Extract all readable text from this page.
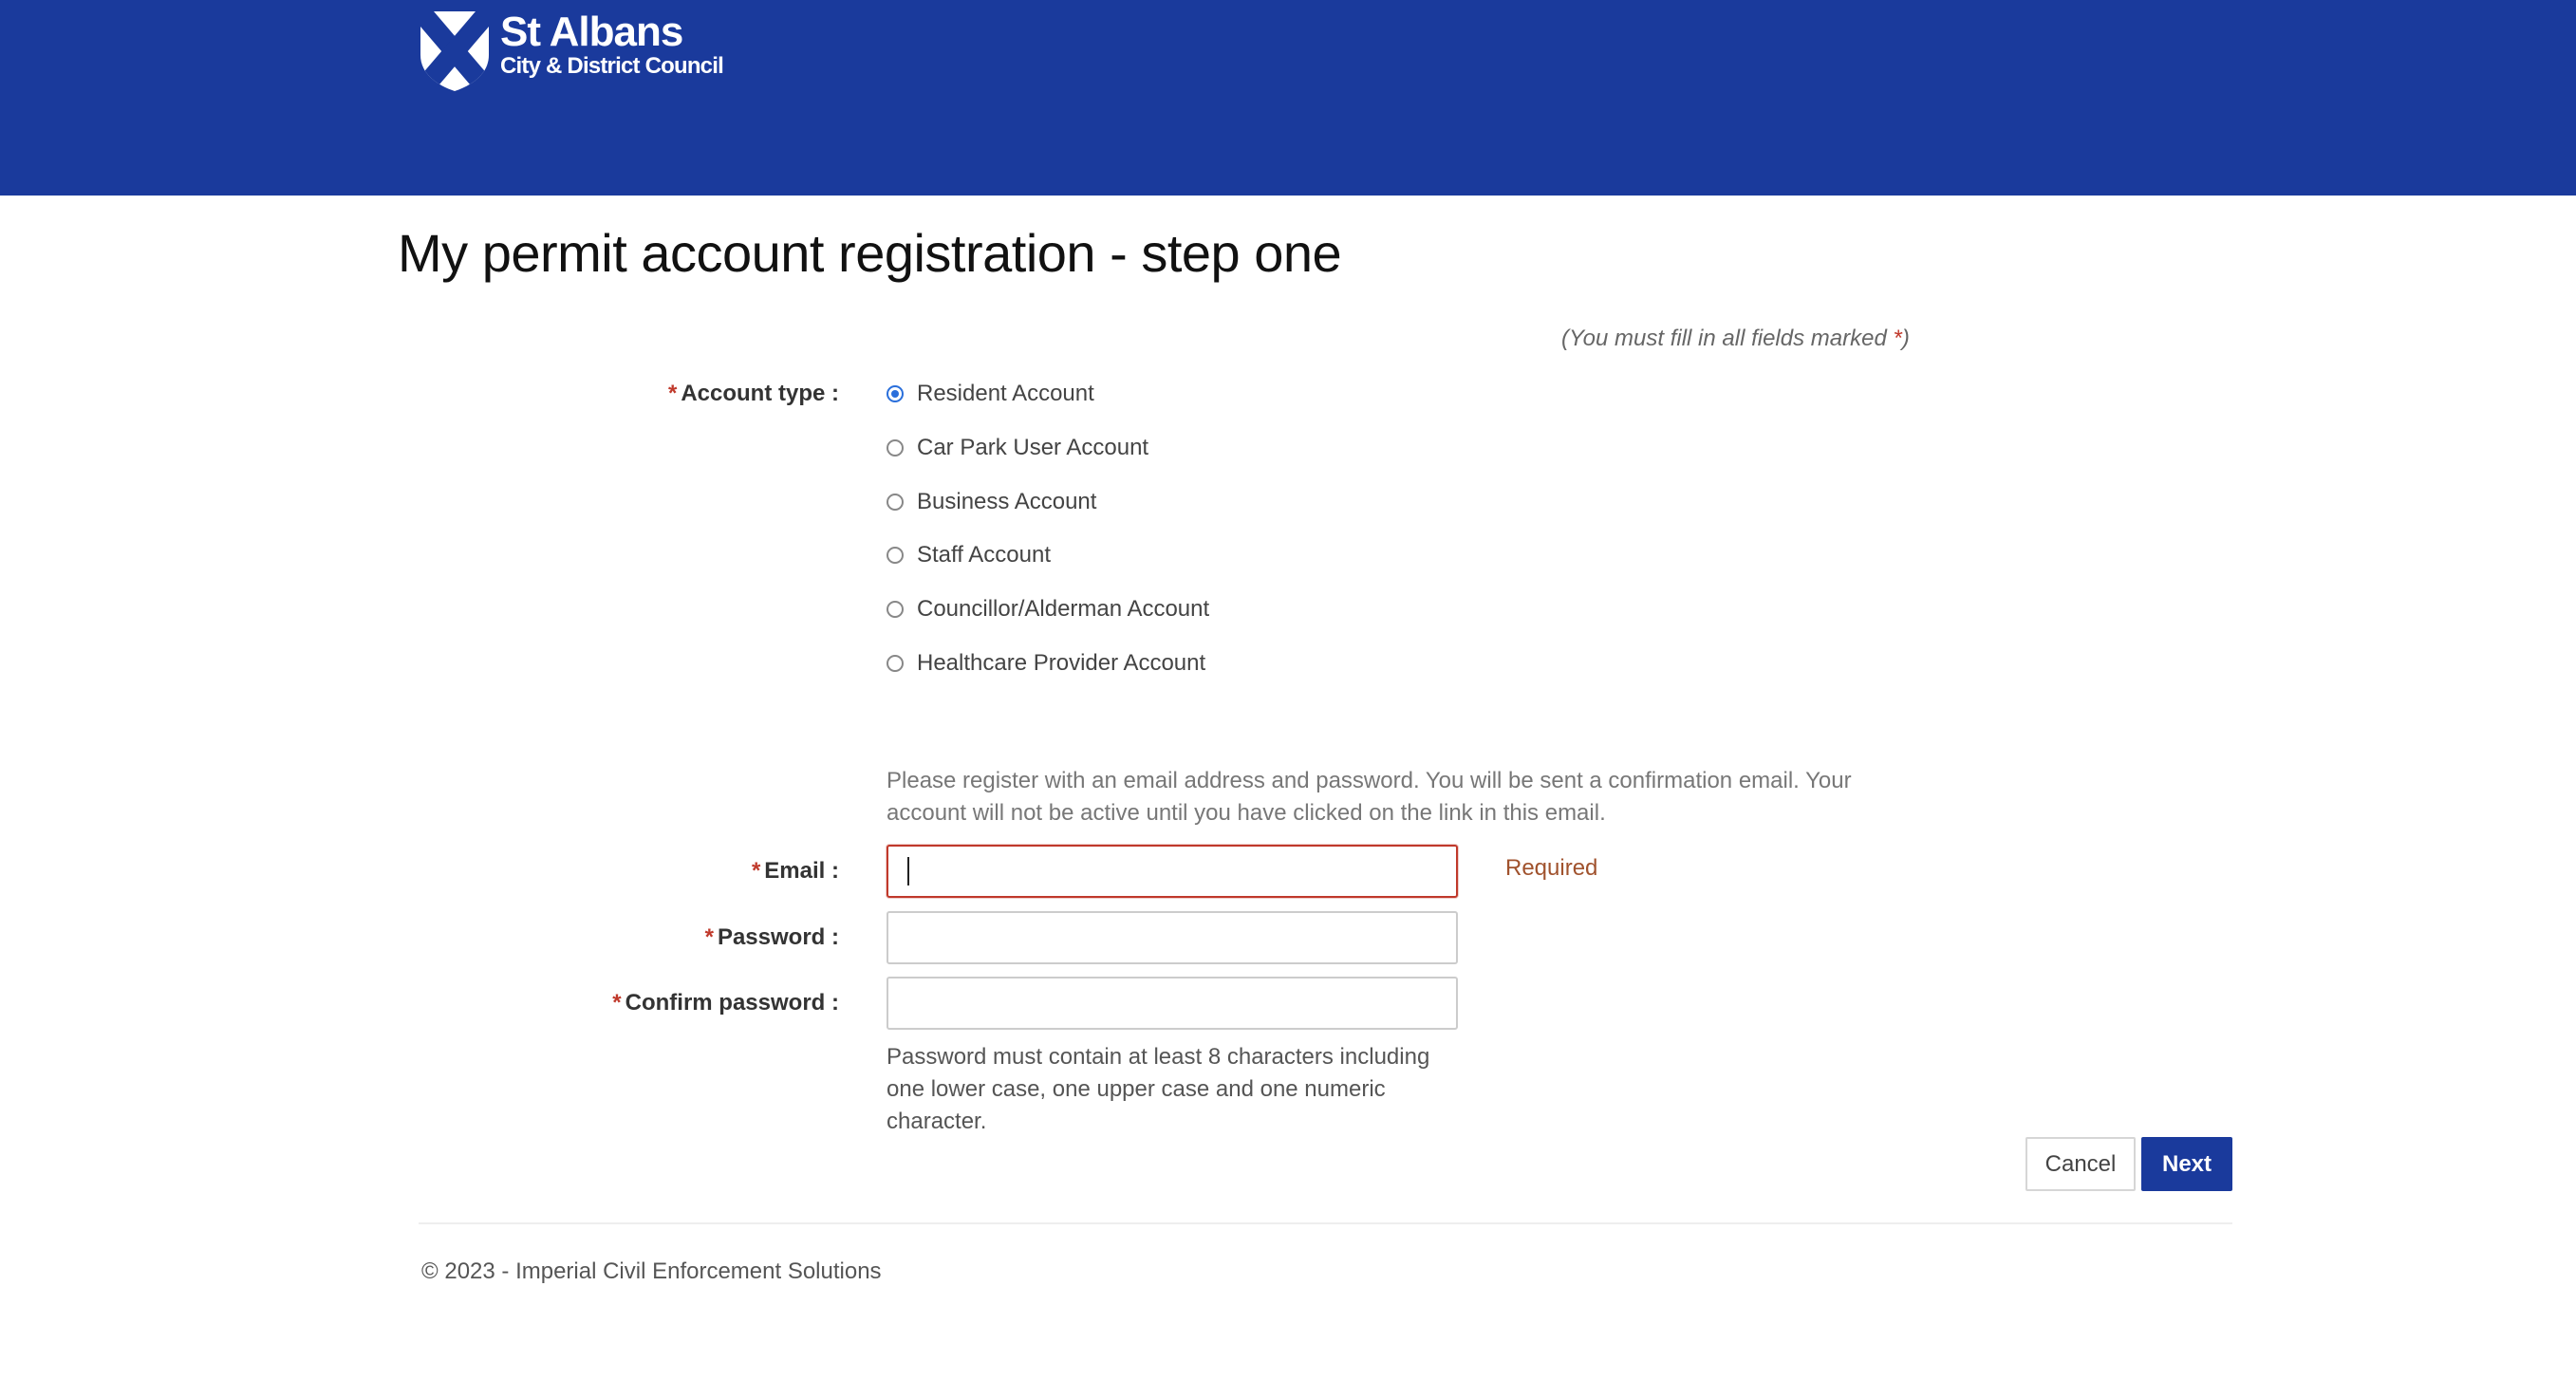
St Albans
City & District Council
My permit account registration - step one
(You must fill in all fields marked *)
* Account type :	Resident Account
Car Park User Account
Business Account
Staff Account
Councillor/Alderman Account
Healthcare Provider Account
Please register with an email address and password. You will be sent a confirmation email. Your account will not be active until you have clicked on the link in this email.
* Email :	Required
* Password :
* Confirm password :
Password must contain at least 8 characters including one lower case, one upper case and one numeric character.
Cancel	Next
© 2023 - Imperial Civil Enforcement Solutions
